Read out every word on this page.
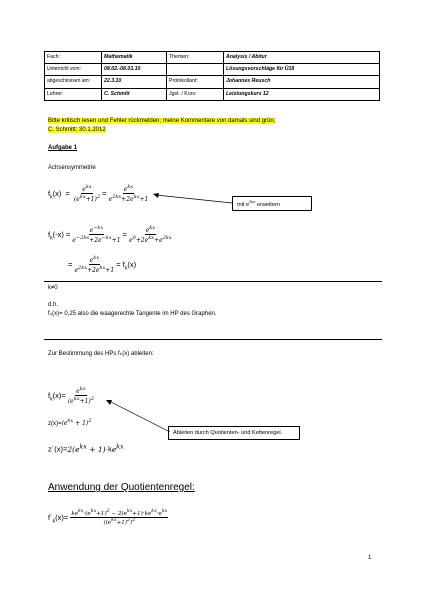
Fach:	Mathematik	Themen:	Analysis / Abitur
Unterricht vom:	08.02.-08.03.10		Lösungsvorschläge für Ü18
abgeschlossen am:	22.3.10	Protokollant:	Johannes Reusch
Lehrer:	C. Schmitt	Jgst. / Kurs:	Leistungskurs 12
Bitte kritisch lesen und Fehler rückmelden; meine Kommentare von damals sind grün;
C. Schmitt; 30.1.2012
Aufgabe 1
Achsensymmetrie
$f_k(x) = \frac{e^{kx}}{(e^{kx}+1)^2} = \frac{e^{kx}}{e^{2kx}+2e^{kx}+1}$
mit $e^{2kx}$ erweitern
$f_k(-x) = \frac{e^{-kx}}{e^{-2kx}+2e^{-kx}+1} = \frac{e^{kx}}{e^0+2e^{kx}+e^{2kx}}$
= $\frac{e^{kx}}{e^{2kx}+2e^{kx}+1} = f_k(x)$
k≠0
d.h.
f₀(x)= 0,25 also die waagerechte Tangente im HP des Graphen.
Zur Bestimmung des HPs fₖ(x) ableiten:
$f_k(x)= \frac{e^{kx}}{(e^{kx}+1)^2}$
$z(x)=(e^{kx} + 1)^2$
$z´(x)=2(e^{kx} + 1)\cdot ke^{kx}$
Ableiten durch Quotienten- und Kettenregel.
Anwendung der Quotientenregel:
$f´_k(x)= \frac{ke^{kx}\cdot(e^{kx}+1)^2 - 2(e^{kx}+1)\cdot ke^{kx}\cdot e^{kx}}{((e^{kx}+1)^2)^2}$
1
